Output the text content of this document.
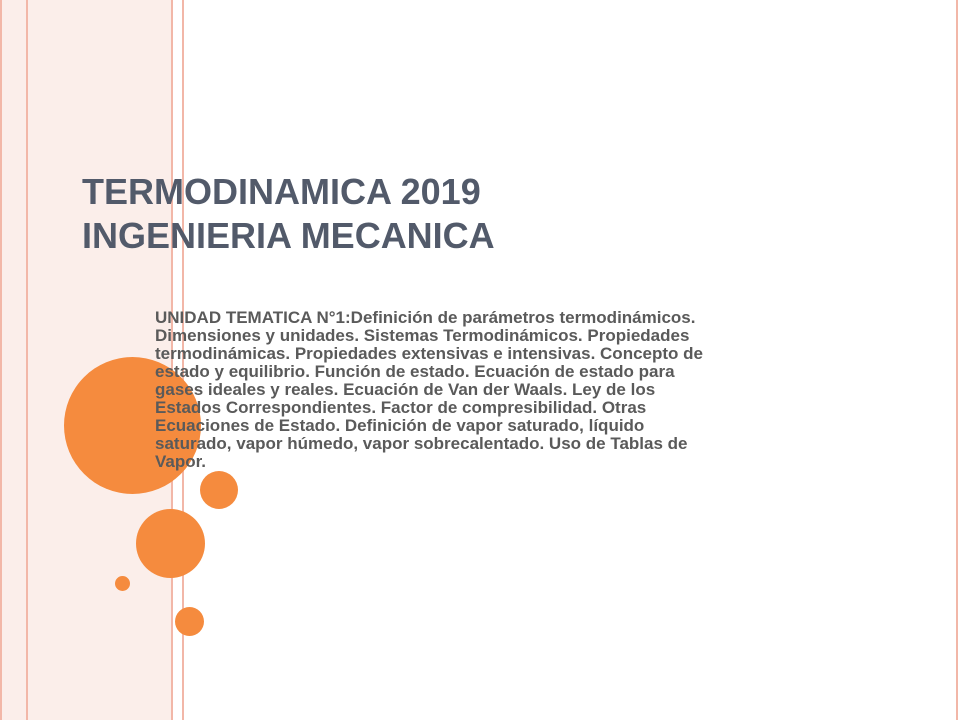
TERMODINAMICA 2019
INGENIERIA MECANICA
UNIDAD TEMATICA N°1:Definición de parámetros termodinámicos.
Dimensiones y unidades. Sistemas Termodinámicos. Propiedades
termodinámicas. Propiedades extensivas e intensivas. Concepto de
estado y equilibrio. Función de estado. Ecuación de estado para
gases ideales y reales. Ecuación de Van der Waals. Ley de los
Estados Correspondientes. Factor de compresibilidad. Otras
Ecuaciones de Estado. Definición de vapor saturado, líquido
saturado, vapor húmedo, vapor sobrecalentado. Uso de Tablas de
Vapor.
